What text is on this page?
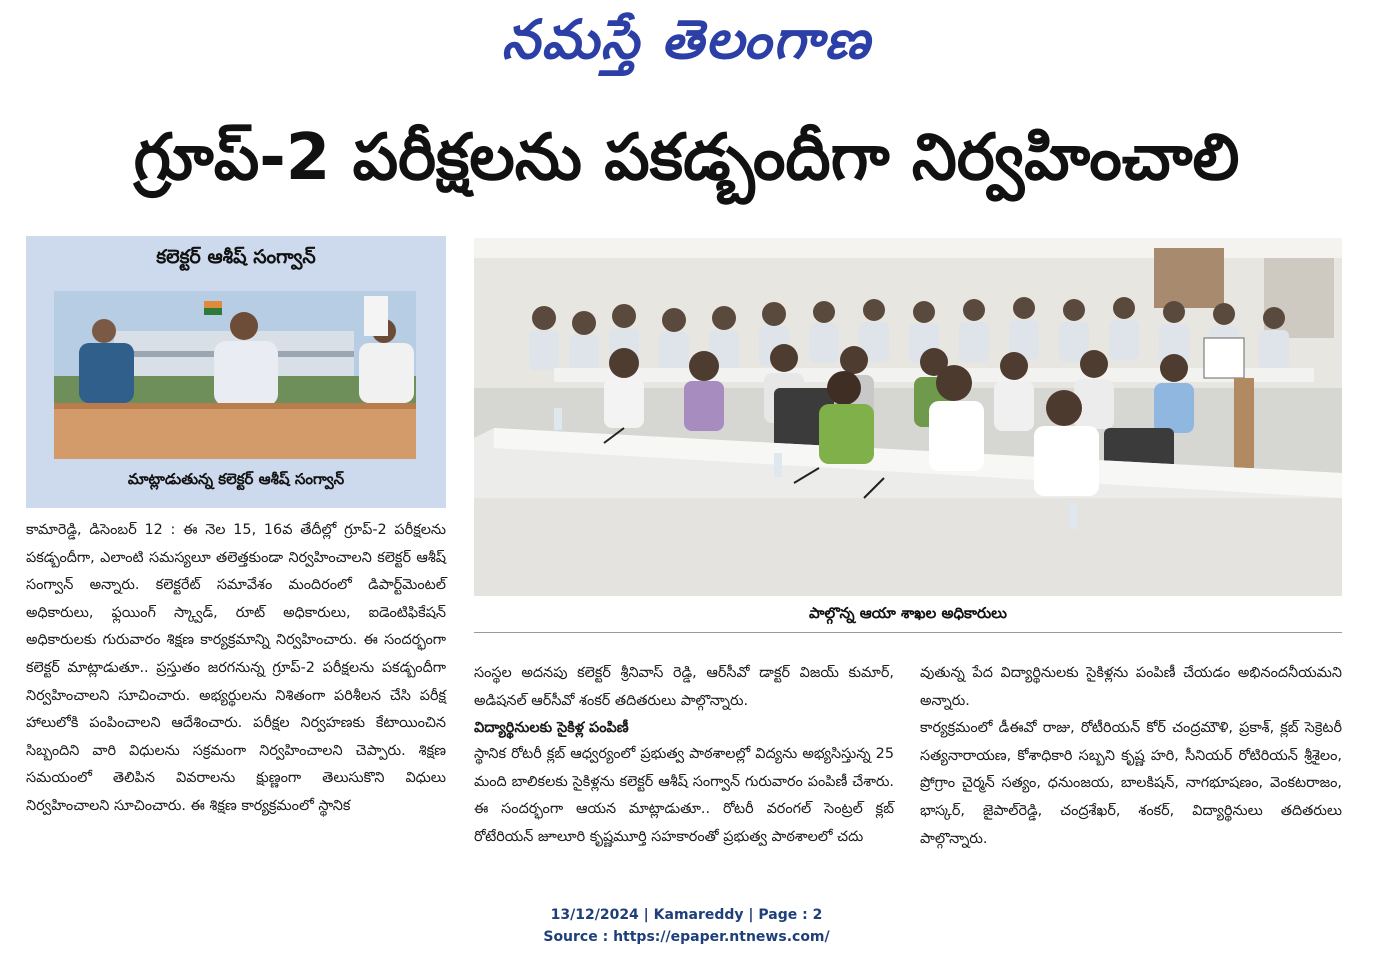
నమస్తే తెలంగాణ
గ్రూప్‌-2 పరీక్షలను పకడ్బందీగా నిర్వహించాలి
కలెక్టర్‌ ఆశీష్‌ సంగ్వాన్‌
మాట్లాడుతున్న కలెక్టర్‌ ఆశీష్‌ సంగ్వాన్‌
పాల్గొన్న ఆయా శాఖల అధికారులు

కామారెడ్డి, డిసెంబర్‌ 12 : ఈ నెల 15, 16వ తేదీల్లో గ్రూప్‌-2 పరీక్షలను పకడ్బందీగా, ఎలాంటి సమస్యలూ తలెత్తకుండా నిర్వహించాలని కలెక్టర్‌ ఆశీష్‌ సంగ్వాన్‌ అన్నారు. కలెక్టరేట్‌ సమావేశం మందిరంలో డిపార్ట్‌మెంటల్‌ అధికారులు, ఫ్లయింగ్‌ స్క్వాడ్‌, రూట్‌ అధికారులు, ఐడెంటిఫికేషన్‌ అధికారులకు గురువారం శిక్షణ కార్యక్రమాన్ని నిర్వహించారు. ఈ సందర్భంగా కలెక్టర్‌ మాట్లాడుతూ.. ప్రస్తుతం జరగనున్న గ్రూప్‌-2 పరీక్షలను పకడ్బందీగా నిర్వహించాలని సూచించారు. అభ్యర్థులను నిశితంగా పరిశీలన చేసి పరీక్ష హాలులోకి పంపించాలని ఆదేశించారు. పరీక్షల నిర్వహణకు కేటాయించిన సిబ్బందిని వారి విధులను సక్రమంగా నిర్వహించాలని చెప్పారు. శిక్షణ సమయంలో తెలిపిన వివరాలను క్షుణ్ణంగా తెలుసుకొని విధులు నిర్వహించాలని సూచించారు. ఈ శిక్షణ కార్యక్రమంలో స్థానిక

సంస్థల అదనపు కలెక్టర్‌ శ్రీనివాస్‌ రెడ్డి, ఆర్‌సీవో డాక్టర్‌ విజయ్‌ కుమార్‌, అడిషనల్‌ ఆర్‌సీవో శంకర్‌ తదితరులు పాల్గొన్నారు.

విద్యార్థినులకు సైకిళ్ల పంపిణీ

స్థానిక రోటరీ క్లబ్‌ ఆధ్వర్యంలో ప్రభుత్వ పాఠశాలల్లో విద్యను అభ్యసిస్తున్న 25 మంది బాలికలకు సైకిళ్లను కలెక్టర్‌ ఆశీష్‌ సంగ్వాన్‌ గురువారం పంపిణీ చేశారు. ఈ సందర్భంగా ఆయన మాట్లాడుతూ.. రోటరీ వరంగల్‌ సెంట్రల్‌ క్లబ్‌ రోటేరియన్‌ జూలూరి కృష్ణమూర్తి సహకారంతో ప్రభుత్వ పాఠశాలలో చదు

వుతున్న పేద విద్యార్థినులకు సైకిళ్లను పంపిణీ చేయడం అభినందనీయమని అన్నారు.

కార్యక్రమంలో డీఈవో రాజు, రోటీరియన్‌ కోర్‌ చంద్రమౌళి, ప్రకాశ్‌, క్లబ్‌ సెక్రెటరీ సత్యనారాయణ, కోశాధికారి సబ్బని కృష్ణ హరి, సీనియర్‌ రోటిరియన్‌ శ్రీశైలం, ప్రోగ్రాం చైర్మన్‌ సత్యం, ధనుంజయ, బాలకిషన్‌, నాగభూషణం, వెంకటరాజం, భాస్కర్‌, జైపాల్‌రెడ్డి, చంద్రశేఖర్‌, శంకర్‌, విద్యార్థినులు తదితరులు పాల్గొన్నారు.

13/12/2024 | Kamareddy | Page : 2
Source : https://epaper.ntnews.com/
